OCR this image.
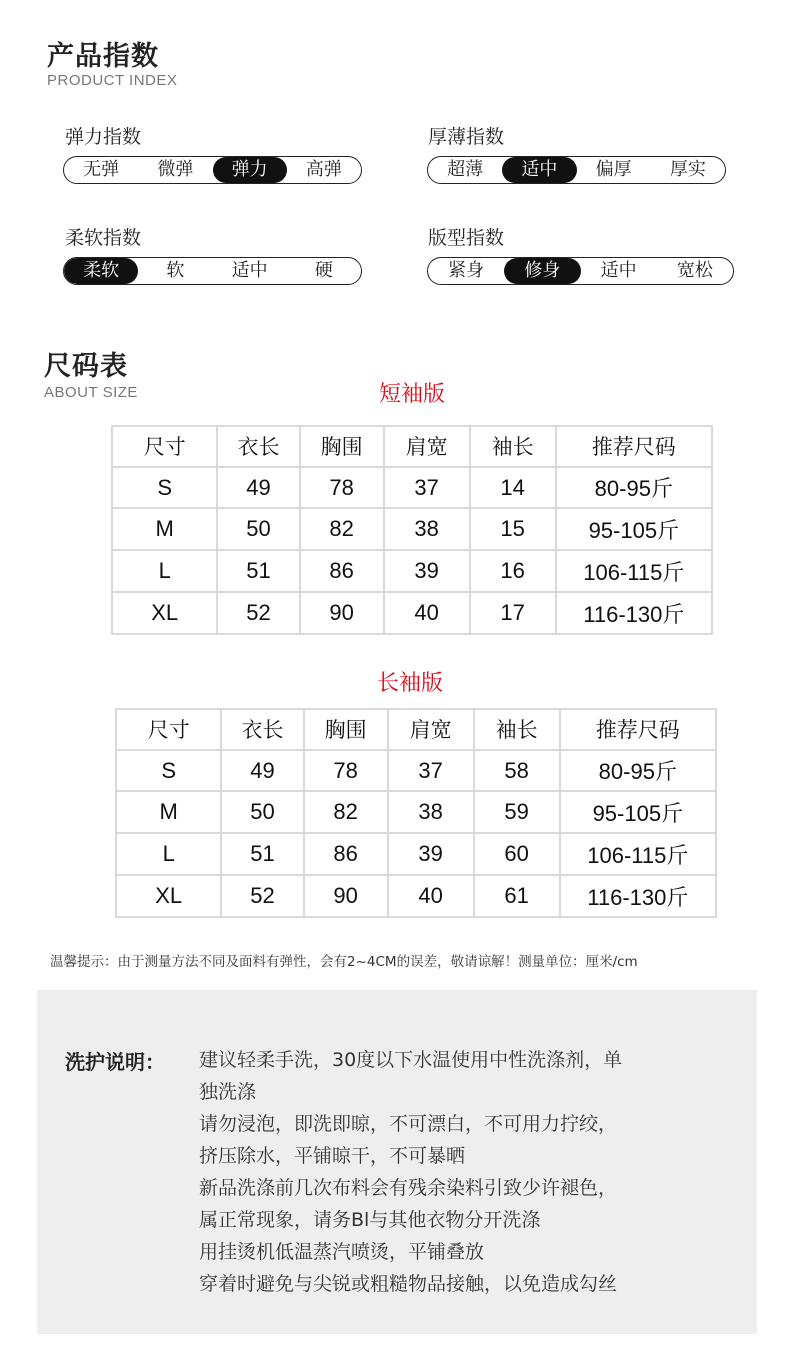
产品指数
PRODUCT INDEX
弹力指数
无弹	微弹	弹力	高弹
厚薄指数
超薄	适中	偏厚	厚实
柔软指数
柔软	软	适中	硬
版型指数
紧身	修身	适中	宽松
尺码表
ABOUT SIZE	短袖版
尺寸	衣长	胸围	肩宽	袖长	推荐尺码
S	49	78	37	14	80-95斤
M	50	82	38	15	95-105斤
L	51	86	39	16	106-115斤
XL	52	90	40	17	116-130斤
长袖版
尺寸	衣长	胸围	肩宽	袖长	推荐尺码
S	49	78	37	58	80-95斤
M	50	82	38	59	95-105斤
L	51	86	39	60	106-115斤
XL	52	90	40	61	116-130斤
温馨提示：由于测量方法不同及面料有弹性，会有2~4CM的误差，敬请谅解！测量单位：厘米/cm
洗护说明： 建议轻柔手洗，30度以下水温使用中性洗涤剂，单
独洗涤
请勿浸泡，即洗即晾，不可漂白，不可用力拧绞，
挤压除水，平铺晾干，不可暴晒
新品洗涤前几次布料会有残余染料引致少许褪色，
属正常现象，请务Bl与其他衣物分开洗涤
用挂烫机低温蒸汽喷烫，平铺叠放
穿着时避免与尖锐或粗糙物品接触，以免造成勾丝
